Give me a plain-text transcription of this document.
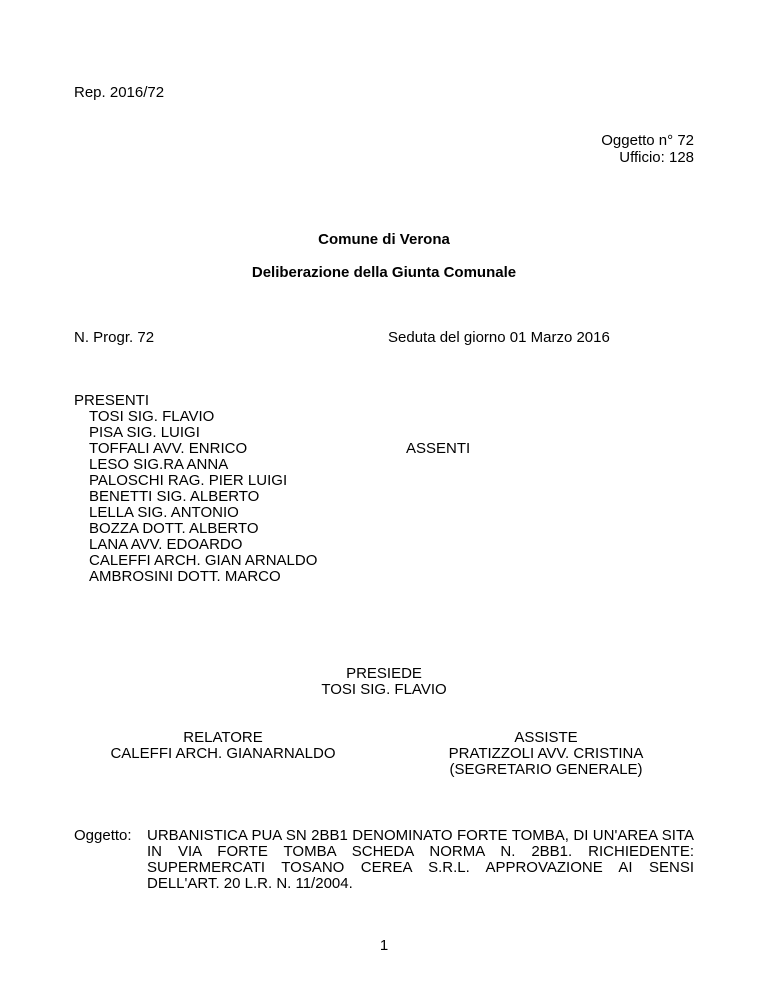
Rep. 2016/72
Oggetto n° 72
Ufficio: 128
Comune di Verona
Deliberazione della Giunta Comunale
N. Progr. 72	Seduta del giorno 01 Marzo 2016
PRESENTI
TOSI SIG. FLAVIO
PISA SIG. LUIGI
TOFFALI AVV. ENRICO
LESO SIG.RA ANNA
PALOSCHI RAG. PIER LUIGI
BENETTI SIG. ALBERTO
LELLA SIG. ANTONIO
BOZZA DOTT. ALBERTO
LANA AVV. EDOARDO
CALEFFI ARCH. GIAN ARNALDO
AMBROSINI DOTT. MARCO
ASSENTI
PRESIEDE
TOSI SIG. FLAVIO
RELATORE
CALEFFI ARCH. GIANARNALDO
ASSISTE
PRATIZZOLI AVV. CRISTINA
(SEGRETARIO GENERALE)
Oggetto: URBANISTICA PUA SN 2BB1 DENOMINATO FORTE TOMBA, DI UN'AREA SITA IN VIA FORTE TOMBA SCHEDA NORMA N. 2BB1. RICHIEDENTE: SUPERMERCATI TOSANO CEREA S.R.L. APPROVAZIONE AI SENSI DELL'ART. 20 L.R. N. 11/2004.
1
